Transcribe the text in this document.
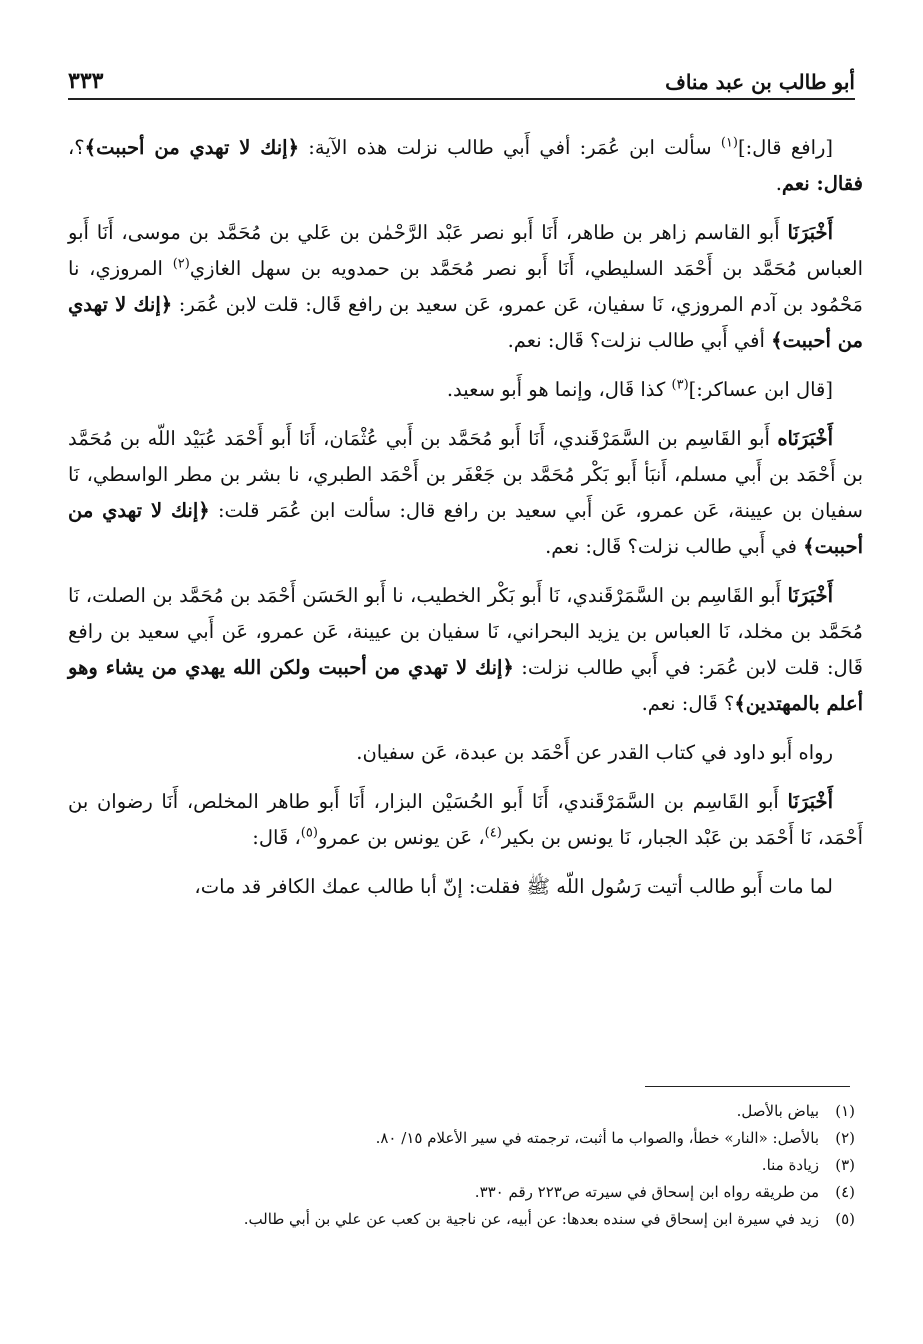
أبو طالب بن عبد مناف
٣٣٣

[رافع قال:]$^{(١)}$ سألت ابن عُمَر: أفي أَبي طالب نزلت هذه الآية: ﴿إنك لا تهدي من أحببت﴾؟، فقال: نعم.

أَخْبَرَنَا أَبو القاسم زاهر بن طاهر، أَنَا أَبو نصر عَبْد الرَّحْمٰن بن عَلي بن مُحَمَّد بن موسى، أَنَا أَبو العباس مُحَمَّد بن أَحْمَد السليطي، أَنَا أَبو نصر مُحَمَّد بن حمدويه بن سهل الغازي$^{(٢)}$ المروزي، نا مَحْمُود بن آدم المروزي، نَا سفيان، عَن عمرو، عَن سعيد بن رافع قَال: قلت لابن عُمَر: ﴿إنك لا تهدي من أحببت﴾ أفي أَبي طالب نزلت؟ قَال: نعم.

[قال ابن عساكر:]$^{(٣)}$ كذا قَال، وإنما هو أَبو سعيد.

أَخْبَرَنَاه أَبو القَاسِم بن السَّمَرْقَندي، أَنَا أَبو مُحَمَّد بن أَبي عُثْمَان، أَنَا أَبو أَحْمَد عُبَيْد اللّه بن مُحَمَّد بن أَحْمَد بن أَبي مسلم، أَنبَأ أَبو بَكْر مُحَمَّد بن جَعْفَر بن أَحْمَد الطبري، نا بشر بن مطر الواسطي، نَا سفيان بن عيينة، عَن عمرو، عَن أَبي سعيد بن رافع قال: سألت ابن عُمَر قلت: ﴿إنك لا تهدي من أحببت﴾ في أَبي طالب نزلت؟ قَال: نعم.

أَخْبَرَنَا أَبو القَاسِم بن السَّمَرْقَندي، نَا أَبو بَكْر الخطيب، نا أَبو الحَسَن أَحْمَد بن مُحَمَّد بن الصلت، نَا مُحَمَّد بن مخلد، نَا العباس بن يزيد البحراني، نَا سفيان بن عيينة، عَن عمرو، عَن أَبي سعيد بن رافع قَال: قلت لابن عُمَر: في أَبي طالب نزلت: ﴿إنك لا تهدي من أحببت ولكن الله يهدي من يشاء وهو أعلم بالمهتدين﴾؟ قَال: نعم.

رواه أَبو داود في كتاب القدر عن أَحْمَد بن عبدة، عَن سفيان.

أَخْبَرَنَا أَبو القَاسِم بن السَّمَرْقَندي، أَنَا أَبو الحُسَيْن البزار، أَنَا أَبو طاهر المخلص، أَنَا رضوان بن أَحْمَد، نَا أَحْمَد بن عَبْد الجبار، نَا يونس بن بكير$^{(٤)}$، عَن يونس بن عمرو$^{(٥)}$، قَال:

لما مات أَبو طالب أتيت رَسُول اللّه ﷺ فقلت: إنّ أبا طالب عمك الكافر قد مات،

(١)
بياض بالأصل.
(٢)
بالأصل: «النار» خطأ، والصواب ما أثبت، ترجمته في سير الأعلام ١٥/ ٨٠.
(٣)
زيادة منا.
(٤)
من طريقه رواه ابن إسحاق في سيرته ص٢٢٣ رقم ٣٣٠.
(٥)
زيد في سيرة ابن إسحاق في سنده بعدها: عن أبيه، عن ناجية بن كعب عن علي بن أبي طالب.
